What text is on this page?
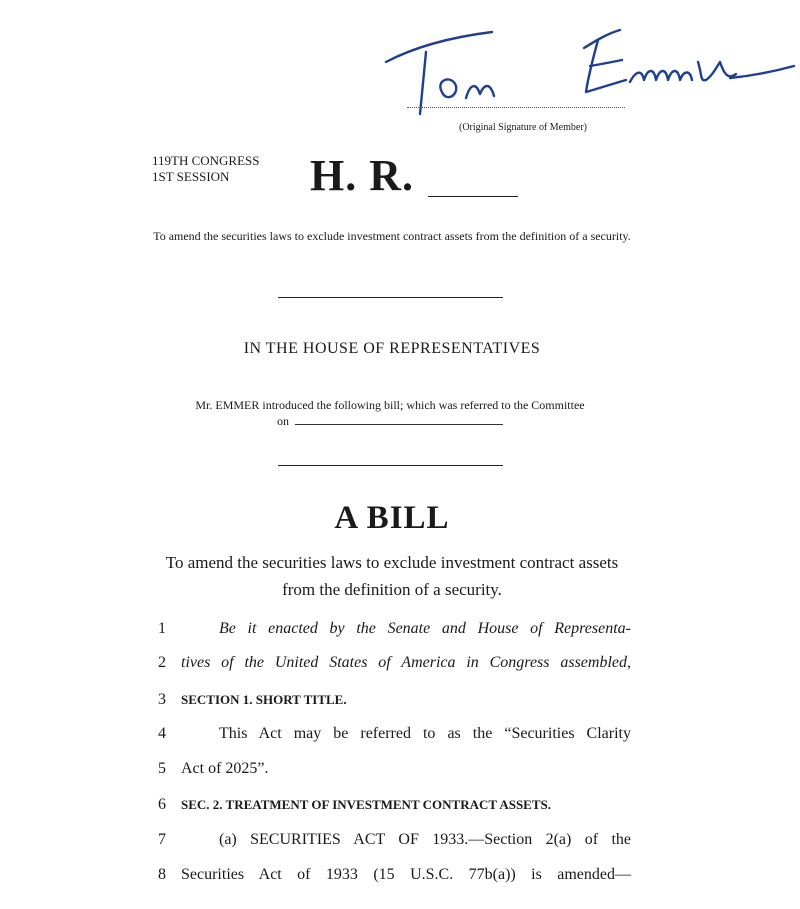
(Original Signature of Member)
119TH CONGRESS
1ST SESSION	H. R.
To amend the securities laws to exclude investment contract assets from the definition of a security.
IN THE HOUSE OF REPRESENTATIVES
Mr. EMMER introduced the following bill; which was referred to the Committee
on
A BILL
To amend the securities laws to exclude investment contract assets from the definition of a security.
1	Be it enacted by the Senate and House of Representa-
2 tives of the United States of America in Congress assembled,
3	SECTION 1. SHORT TITLE.
4	This Act may be referred to as the “Securities Clarity
5 Act of 2025”.
6	SEC. 2. TREATMENT OF INVESTMENT CONTRACT ASSETS.
7	(a) SECURITIES ACT OF 1933.—Section 2(a) of the
8 Securities Act of 1933 (15 U.S.C. 77b(a)) is amended—
